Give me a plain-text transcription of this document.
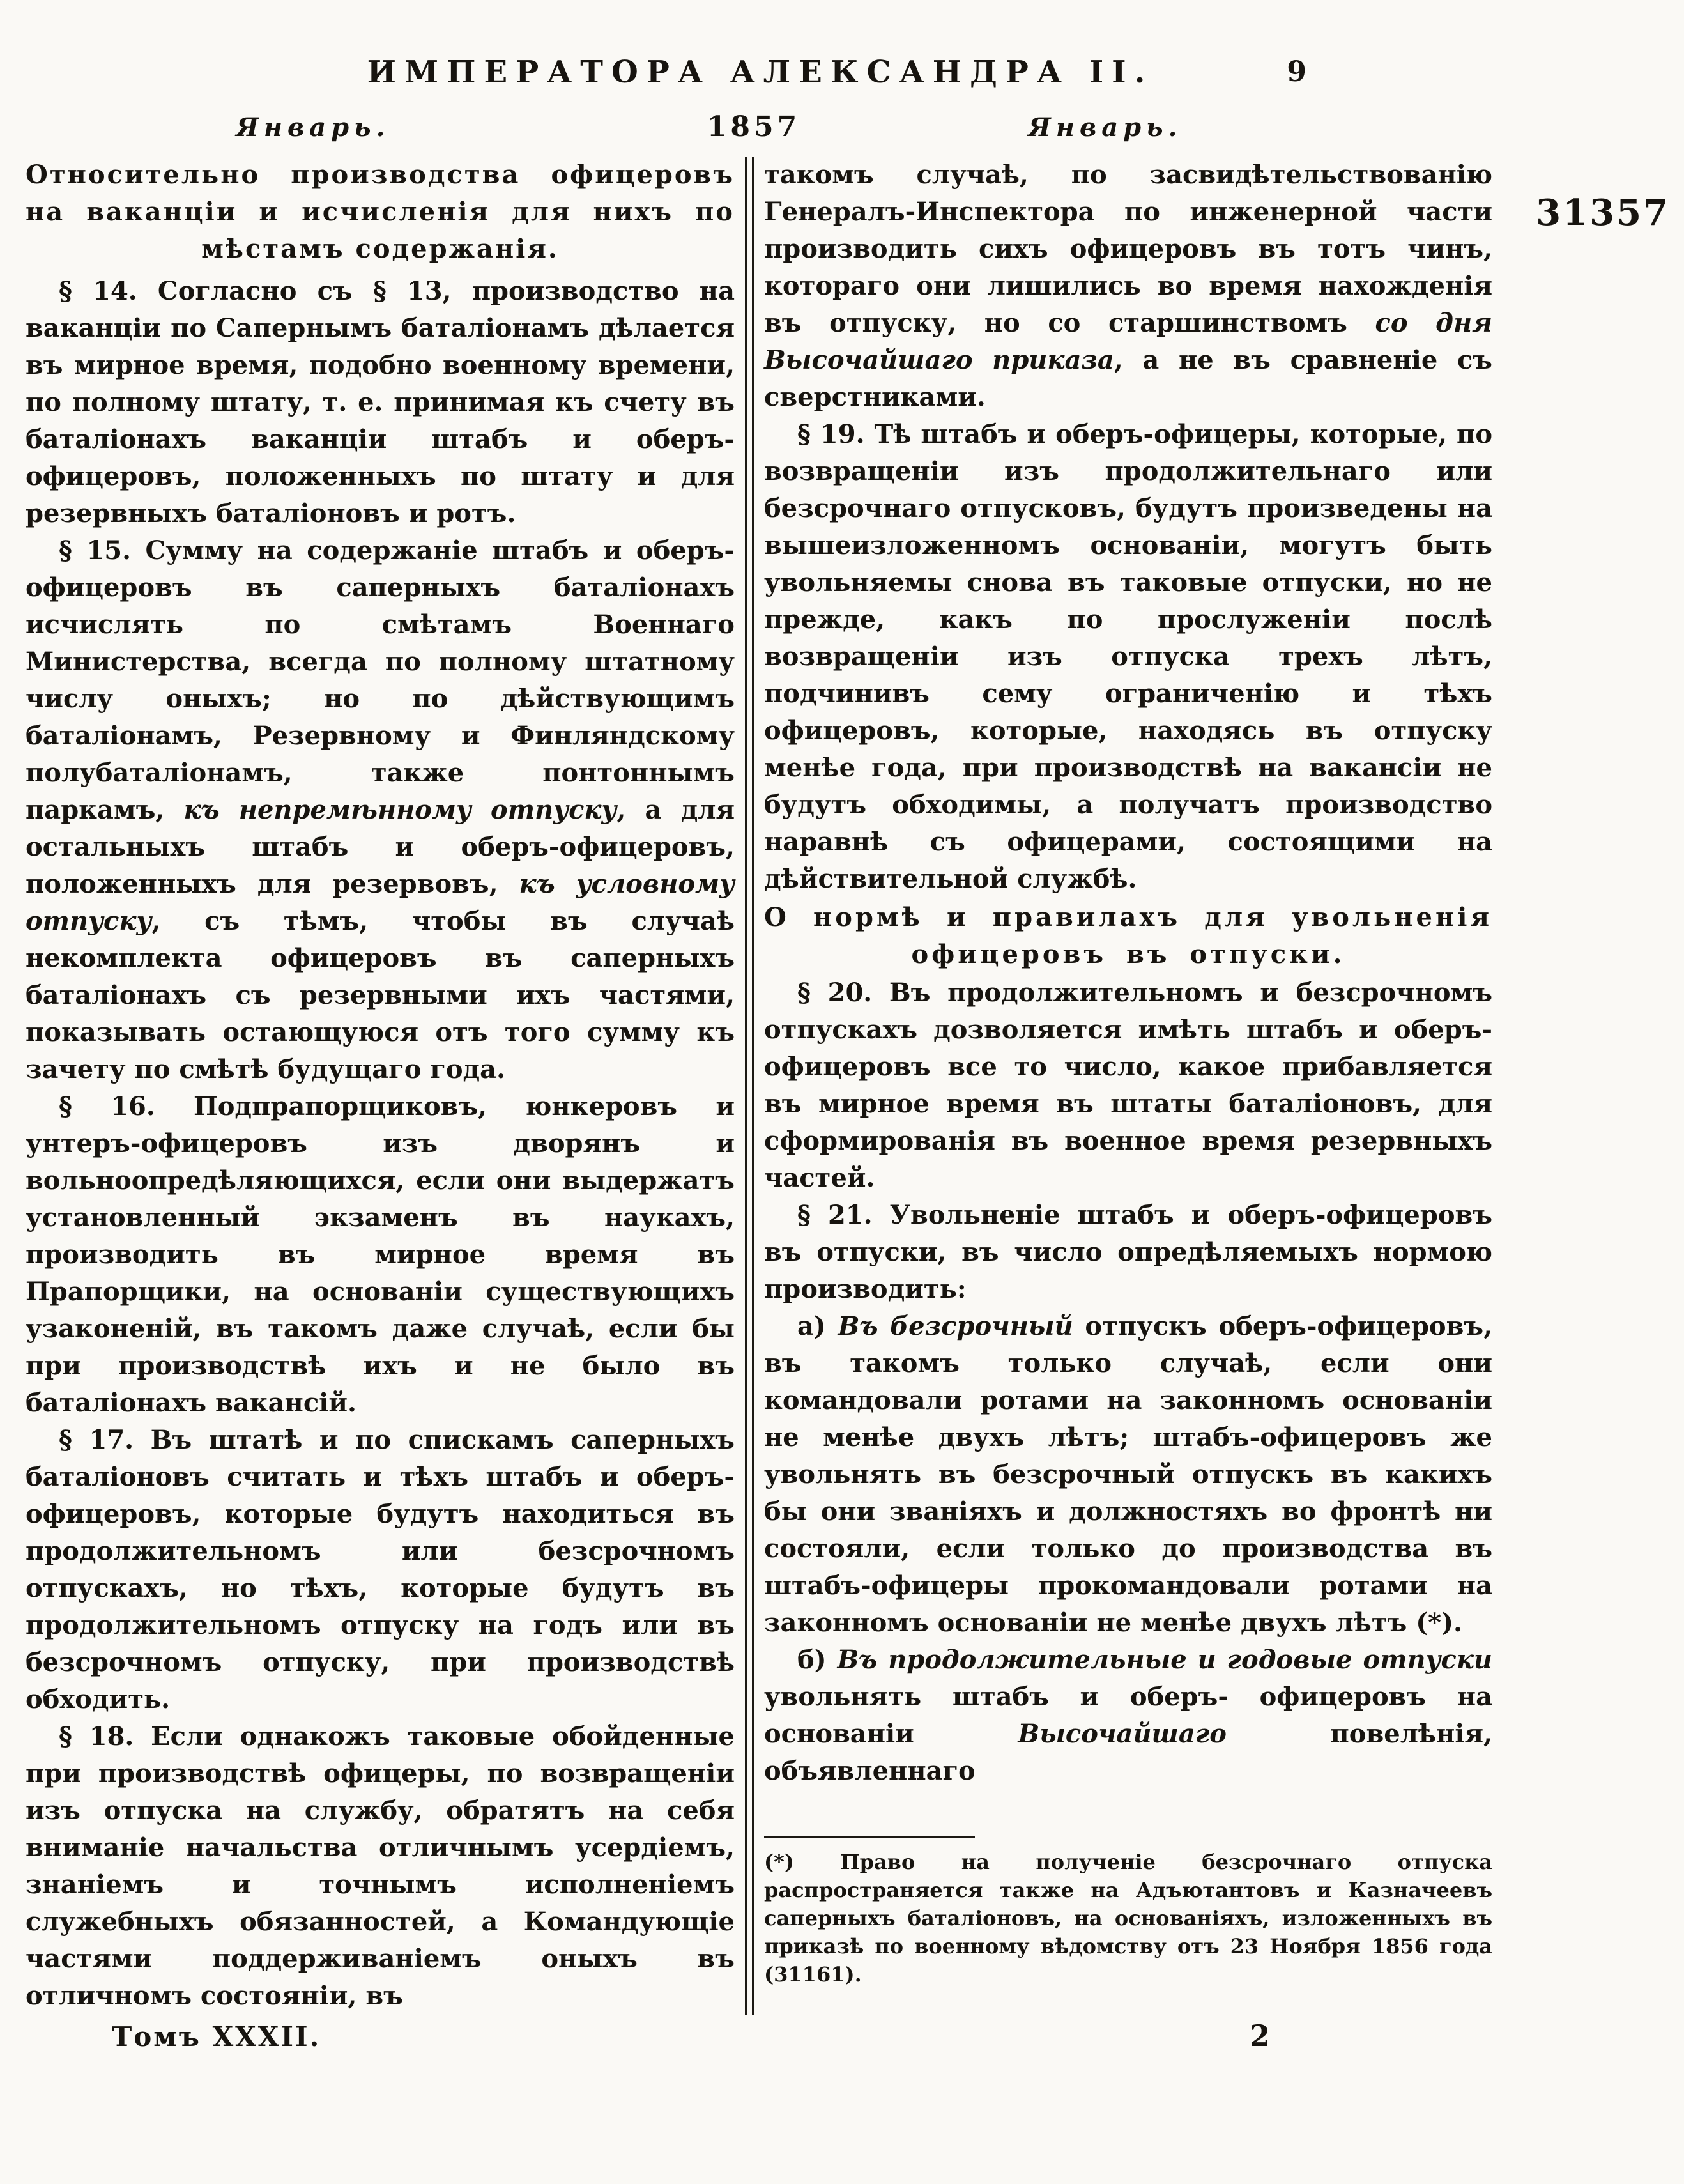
ИМПЕРАТОРА АЛЕКСАНДРА II.	9
Январь.	1857	Январь.

Относительно производства офицеровъ на ваканціи и исчисленія для нихъ по мѣстамъ содержанія.

§ 14. Согласно съ § 13, производство на ваканціи по Сапернымъ баталіонамъ дѣлается въ мирное время, подобно военному времени, по полному штату, т. е. принимая къ счету въ баталіонахъ ваканціи штабъ и оберъ-офицеровъ, положенныхъ по штату и для резервныхъ баталіоновъ и ротъ.

§ 15. Сумму на содержаніе штабъ и оберъ-офицеровъ въ саперныхъ баталіонахъ исчислять по смѣтамъ Военнаго Министерства, всегда по полному штатному числу оныхъ; но по дѣйствующимъ баталіонамъ, Резервному и Финляндскому полубаталіонамъ, также понтоннымъ паркамъ, къ непремѣнному отпуску, а для остальныхъ штабъ и оберъ-офицеровъ, положенныхъ для резервовъ, къ условному отпуску, съ тѣмъ, чтобы въ случаѣ некомплекта офицеровъ въ саперныхъ баталіонахъ съ резервными ихъ частями, показывать остающуюся отъ того сумму къ зачету по смѣтѣ будущаго года.

§ 16. Подпрапорщиковъ, юнкеровъ и унтеръ-офицеровъ изъ дворянъ и вольноопредѣляющихся, если они выдержатъ установленный экзаменъ въ наукахъ, производить въ мирное время въ Прапорщики, на основаніи существующихъ узаконеній, въ такомъ даже случаѣ, если бы при производствѣ ихъ и не было въ баталіонахъ вакансій.

§ 17. Въ штатѣ и по спискамъ саперныхъ баталіоновъ считать и тѣхъ штабъ и оберъ-офицеровъ, которые будутъ находиться въ продолжительномъ или безсрочномъ отпускахъ, но тѣхъ, которые будутъ въ продолжительномъ отпуску на годъ или въ безсрочномъ отпуску, при производствѣ обходить.

§ 18. Если однакожъ таковые обойденные при производствѣ офицеры, по возвращеніи изъ отпуска на службу, обратятъ на себя вниманіе начальства отличнымъ усердіемъ, знаніемъ и точнымъ исполненіемъ служебныхъ обязанностей, а Командующіе частями поддерживаніемъ оныхъ въ отличномъ состояніи, въ

такомъ случаѣ, по засвидѣтельствованію Генералъ-Инспектора по инженерной части производить сихъ офицеровъ въ тотъ чинъ, котораго они лишились во время нахожденія въ отпуску, но со старшинствомъ со дня Высочайшаго приказа, а не въ сравненіе съ сверстниками.

§ 19. Тѣ штабъ и оберъ-офицеры, которые, по возвращеніи изъ продолжительнаго или безсрочнаго отпусковъ, будутъ произведены на вышеизложенномъ основаніи, могутъ быть увольняемы снова въ таковые отпуски, но не прежде, какъ по прослуженіи послѣ возвращеніи изъ отпуска трехъ лѣтъ, подчинивъ сему ограниченію и тѣхъ офицеровъ, которые, находясь въ отпуску менѣе года, при производствѣ на вакансіи не будутъ обходимы, а получатъ производство наравнѣ съ офицерами, состоящими на дѣйствительной службѣ.

О нормѣ и правилахъ для увольненія офицеровъ въ отпуски.

§ 20. Въ продолжительномъ и безсрочномъ отпускахъ дозволяется имѣть штабъ и оберъ-офицеровъ все то число, какое прибавляется въ мирное время въ штаты баталіоновъ, для сформированія въ военное время резервныхъ частей.

§ 21. Увольненіе штабъ и оберъ-офицеровъ въ отпуски, въ число опредѣляемыхъ нормою производить:

а) Въ безсрочный отпускъ оберъ-офицеровъ, въ такомъ только случаѣ, если они командовали ротами на законномъ основаніи не менѣе двухъ лѣтъ; штабъ-офицеровъ же увольнять въ безсрочный отпускъ въ какихъ бы они званіяхъ и должностяхъ во фронтѣ ни состояли, если только до производства въ штабъ-офицеры прокомандовали ротами на законномъ основаніи не менѣе двухъ лѣтъ (*).

б) Въ продолжительные и годовые отпуски увольнять штабъ и оберъ- офицеровъ на основаніи Высочайшаго повелѣнія, объявленнаго

(*) Право на полученіе безсрочнаго отпуска распространяется также на Адъютантовъ и Казначеевъ саперныхъ баталіоновъ, на основаніяхъ, изложенныхъ въ приказѣ по военному вѣдомству отъ 23 Ноября 1856 года (31161).

Томъ XXXII.	2
31357
